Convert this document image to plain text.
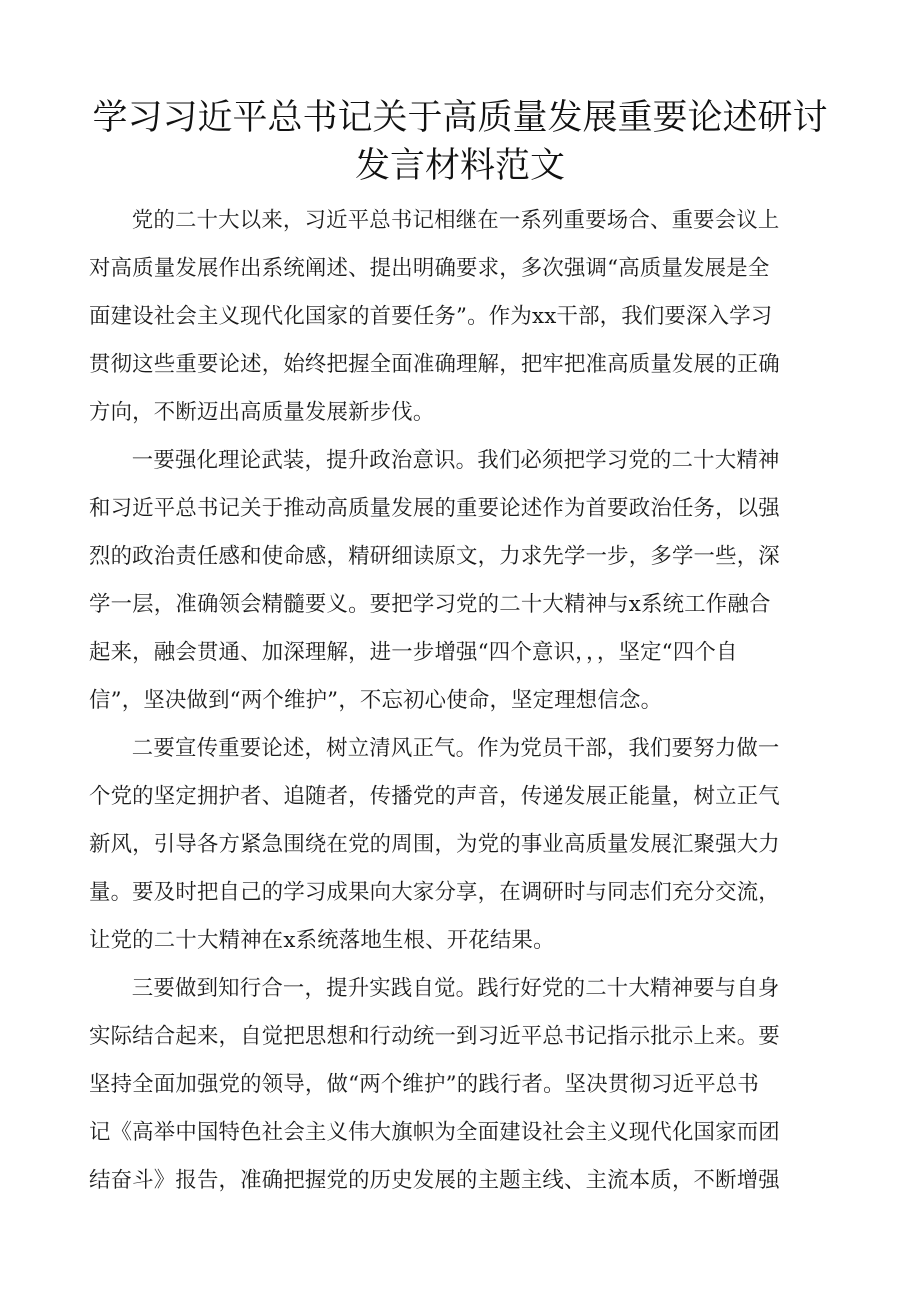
学习习近平总书记关于高质量发展重要论述研讨
发言材料范文
党的二十大以来，习近平总书记相继在一系列重要场合、重要会议上
对高质量发展作出系统阐述、提出明确要求，多次强调“高质量发展是全
面建设社会主义现代化国家的首要任务”。作为xx干部，我们要深入学习
贯彻这些重要论述，始终把握全面准确理解，把牢把准高质量发展的正确
方向，不断迈出高质量发展新步伐。
一要强化理论武装，提升政治意识。我们必须把学习党的二十大精神
和习近平总书记关于推动高质量发展的重要论述作为首要政治任务，以强
烈的政治责任感和使命感，精研细读原文，力求先学一步，多学一些，深
学一层，准确领会精髓要义。要把学习党的二十大精神与x系统工作融合
起来，融会贯通、加深理解，进一步增强“四个意识，，，坚定“四个自
信”，坚决做到“两个维护”，不忘初心使命，坚定理想信念。
二要宣传重要论述，树立清风正气。作为党员干部，我们要努力做一
个党的坚定拥护者、追随者，传播党的声音，传递发展正能量，树立正气
新风，引导各方紧急围绕在党的周围，为党的事业高质量发展汇聚强大力
量。要及时把自己的学习成果向大家分享，在调研时与同志们充分交流，
让党的二十大精神在x系统落地生根、开花结果。
三要做到知行合一，提升实践自觉。践行好党的二十大精神要与自身
实际结合起来，自觉把思想和行动统一到习近平总书记指示批示上来。要
坚持全面加强党的领导，做“两个维护”的践行者。坚决贯彻习近平总书
记《高举中国特色社会主义伟大旗帜为全面建设社会主义现代化国家而团
结奋斗》报告，准确把握党的历史发展的主题主线、主流本质，不断增强
